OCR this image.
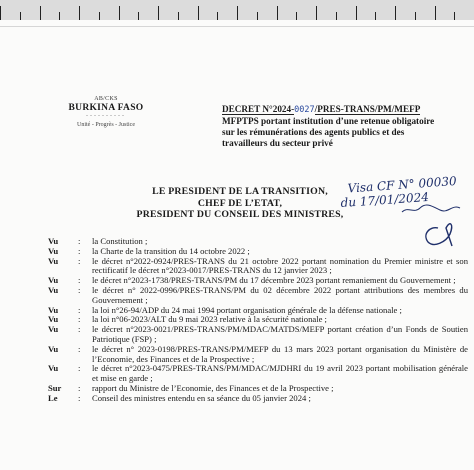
AB/CKS
BURKINA FASO
----------
Unité - Progrès - Justice
DECRET N°2024-0027/PRES-TRANS/PM/MEFP
MFPTPS portant institution d’une retenue obligatoire
sur les rémunérations des agents publics et des
travailleurs du secteur privé
Visa CF N° 00030
du 17/01/2024
LE PRESIDENT DE LA TRANSITION,
CHEF DE L’ETAT,
PRESIDENT DU CONSEIL DES MINISTRES,
Vu	:	la Constitution ;
Vu	:	la Charte de la transition du 14 octobre 2022 ;
Vu	:	le décret n°2022-0924/PRES-TRANS du 21 octobre 2022 portant nomination du Premier ministre et son rectificatif le décret n°2023-0017/PRES-TRANS du 12 janvier 2023 ;
Vu	:	le décret n°2023-1738/PRES-TRANS/PM du 17 décembre 2023 portant remaniement du Gouvernement ;
Vu	:	le décret n° 2022-0996/PRES-TRANS/PM du 02 décembre 2022 portant attributions des membres du Gouvernement ;
Vu	:	la loi n°26-94/ADP du 24 mai 1994 portant organisation générale de la défense nationale ;
Vu	:	la loi n°06-2023/ALT du 9 mai 2023 relative à la sécurité nationale ;
Vu	:	le décret n°2023-0021/PRES-TRANS/PM/MDAC/MATDS/MEFP portant création d’un Fonds de Soutien Patriotique (FSP) ;
Vu	:	le décret n° 2023-0198/PRES-TRANS/PM/MEFP du 13 mars 2023 portant organisation du Ministère de l’Economie, des Finances et de la Prospective ;
Vu	:	le décret n°2023-0475/PRES-TRANS/PM/MDAC/MJDHRI du 19 avril 2023 portant mobilisation générale et mise en garde ;
Sur	:	rapport du Ministre de l’Economie, des Finances et de la Prospective ;
Le	:	Conseil des ministres entendu en sa séance du 05 janvier 2024 ;
